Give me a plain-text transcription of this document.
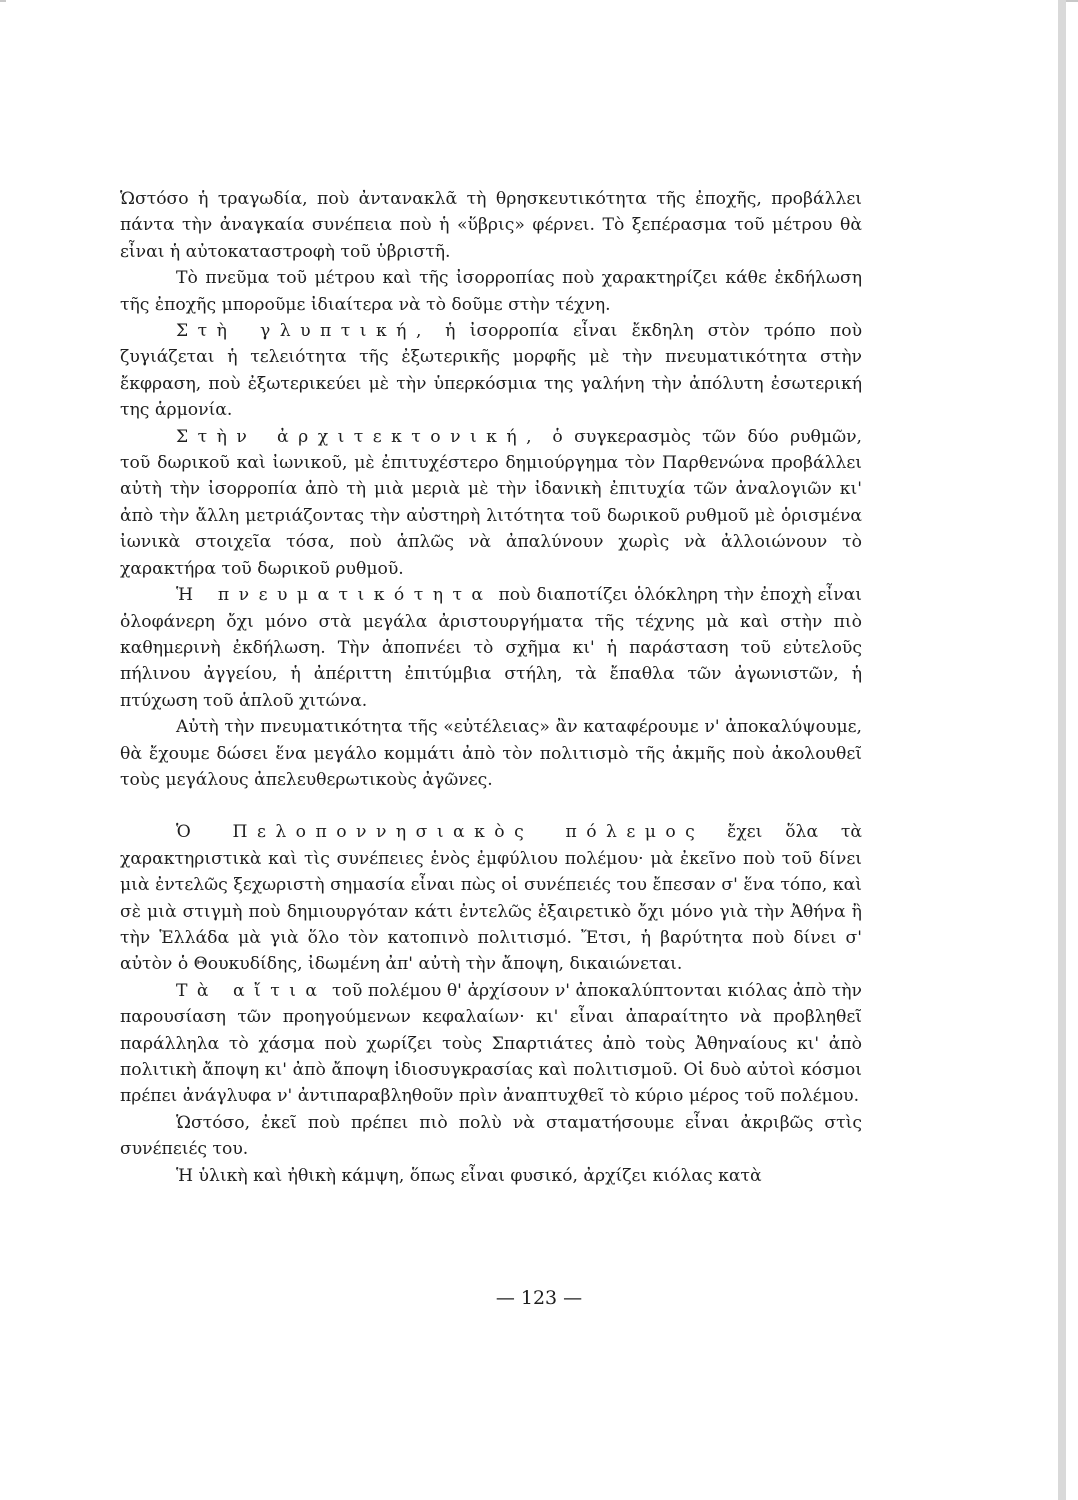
Ὡστόσο ἡ τραγωδία, ποὺ ἀντανακλᾶ τὴ θρησκευτικότητα τῆς ἐποχῆς, προβάλλει πάντα τὴν ἀναγκαία συνέπεια ποὺ ἡ «ὕβρις» φέρνει. Τὸ ξεπέρασμα τοῦ μέτρου θὰ εἶναι ἡ αὐτοκαταστροφὴ τοῦ ὑβριστῆ.

Τὸ πνεῦμα τοῦ μέτρου καὶ τῆς ἰσορροπίας ποὺ χαρακτηρίζει κάθε ἐκδήλωση τῆς ἐποχῆς μποροῦμε ἰδιαίτερα νὰ τὸ δοῦμε στὴν τέχνη.

Στὴ γλυπτική, ἡ ἰσορροπία εἶναι ἔκδηλη στὸν τρόπο ποὺ ζυγιάζεται ἡ τελειότητα τῆς ἐξωτερικῆς μορφῆς μὲ τὴν πνευματικότητα στὴν ἔκφραση, ποὺ ἐξωτερικεύει μὲ τὴν ὑπερκόσμια της γαλήνη τὴν ἀπόλυτη ἐσωτερική της ἁρμονία.

Στὴν ἀρχιτεκτονική, ὁ συγκερασμὸς τῶν δύο ρυθμῶν, τοῦ δωρικοῦ καὶ ἰωνικοῦ, μὲ ἐπιτυχέστερο δημιούργημα τὸν Παρθενώνα προβάλλει αὐτὴ τὴν ἰσορροπία ἀπὸ τὴ μιὰ μεριὰ μὲ τὴν ἰδανικὴ ἐπιτυχία τῶν ἀναλογιῶν κι' ἀπὸ τὴν ἄλλη μετριάζοντας τὴν αὐστηρὴ λιτότητα τοῦ δωρικοῦ ρυθμοῦ μὲ ὁρισμένα ἰωνικὰ στοιχεῖα τόσα, ποὺ ἁπλῶς νὰ ἀπαλύνουν χωρὶς νὰ ἀλλοιώνουν τὸ χαρακτήρα τοῦ δωρικοῦ ρυθμοῦ.

Ἡ πνευματικότητα ποὺ διαποτίζει ὁλόκληρη τὴν ἐποχὴ εἶναι ὁλοφάνερη ὄχι μόνο στὰ μεγάλα ἀριστουργήματα τῆς τέχνης μὰ καὶ στὴν πιὸ καθημερινὴ ἐκδήλωση. Τὴν ἀποπνέει τὸ σχῆμα κι' ἡ παράσταση τοῦ εὐτελοῦς πήλινου ἀγγείου, ἡ ἀπέριττη ἐπιτύμβια στήλη, τὰ ἔπαθλα τῶν ἀγωνιστῶν, ἡ πτύχωση τοῦ ἁπλοῦ χιτώνα.

Αὐτὴ τὴν πνευματικότητα τῆς «εὐτέλειας» ἂν καταφέρουμε ν' ἀποκαλύψουμε, θὰ ἔχουμε δώσει ἕνα μεγάλο κομμάτι ἀπὸ τὸν πολιτισμὸ τῆς ἀκμῆς ποὺ ἀκολουθεῖ τοὺς μεγάλους ἀπελευθερωτικοὺς ἀγῶνες.

Ὁ Πελοποννησιακὸς πόλεμος ἔχει ὅλα τὰ χαρακτηριστικὰ καὶ τὶς συνέπειες ἑνὸς ἐμφύλιου πολέμου· μὰ ἐκεῖνο ποὺ τοῦ δίνει μιὰ ἐντελῶς ξεχωριστὴ σημασία εἶναι πὼς οἱ συνέπειές του ἔπεσαν σ' ἕνα τόπο, καὶ σὲ μιὰ στιγμὴ ποὺ δημιουργόταν κάτι ἐντελῶς ἐξαιρετικὸ ὄχι μόνο γιὰ τὴν Ἀθήνα ἢ τὴν Ἑλλάδα μὰ γιὰ ὅλο τὸν κατοπινὸ πολιτισμό. Ἔτσι, ἡ βαρύτητα ποὺ δίνει σ' αὐτὸν ὁ Θουκυδίδης, ἰδωμένη ἀπ' αὐτὴ τὴν ἄποψη, δικαιώνεται.

Τὰ αἴτια τοῦ πολέμου θ' ἀρχίσουν ν' ἀποκαλύπτονται κιόλας ἀπὸ τὴν παρουσίαση τῶν προηγούμενων κεφαλαίων· κι' εἶναι ἀπαραίτητο νὰ προβληθεῖ παράλληλα τὸ χάσμα ποὺ χωρίζει τοὺς Σπαρτιάτες ἀπὸ τοὺς Ἀθηναίους κι' ἀπὸ πολιτικὴ ἄποψη κι' ἀπὸ ἄποψη ἰδιοσυγκρασίας καὶ πολιτισμοῦ. Οἱ δυὸ αὐτοὶ κόσμοι πρέπει ἀνάγλυφα ν' ἀντιπαραβληθοῦν πρὶν ἀναπτυχθεῖ τὸ κύριο μέρος τοῦ πολέμου.

Ὡστόσο, ἐκεῖ ποὺ πρέπει πιὸ πολὺ νὰ σταματήσουμε εἶναι ἀκριβῶς στὶς συνέπειές του.

Ἡ ὑλικὴ καὶ ἠθικὴ κάμψη, ὅπως εἶναι φυσικό, ἀρχίζει κιόλας κατὰ

— 123 —
